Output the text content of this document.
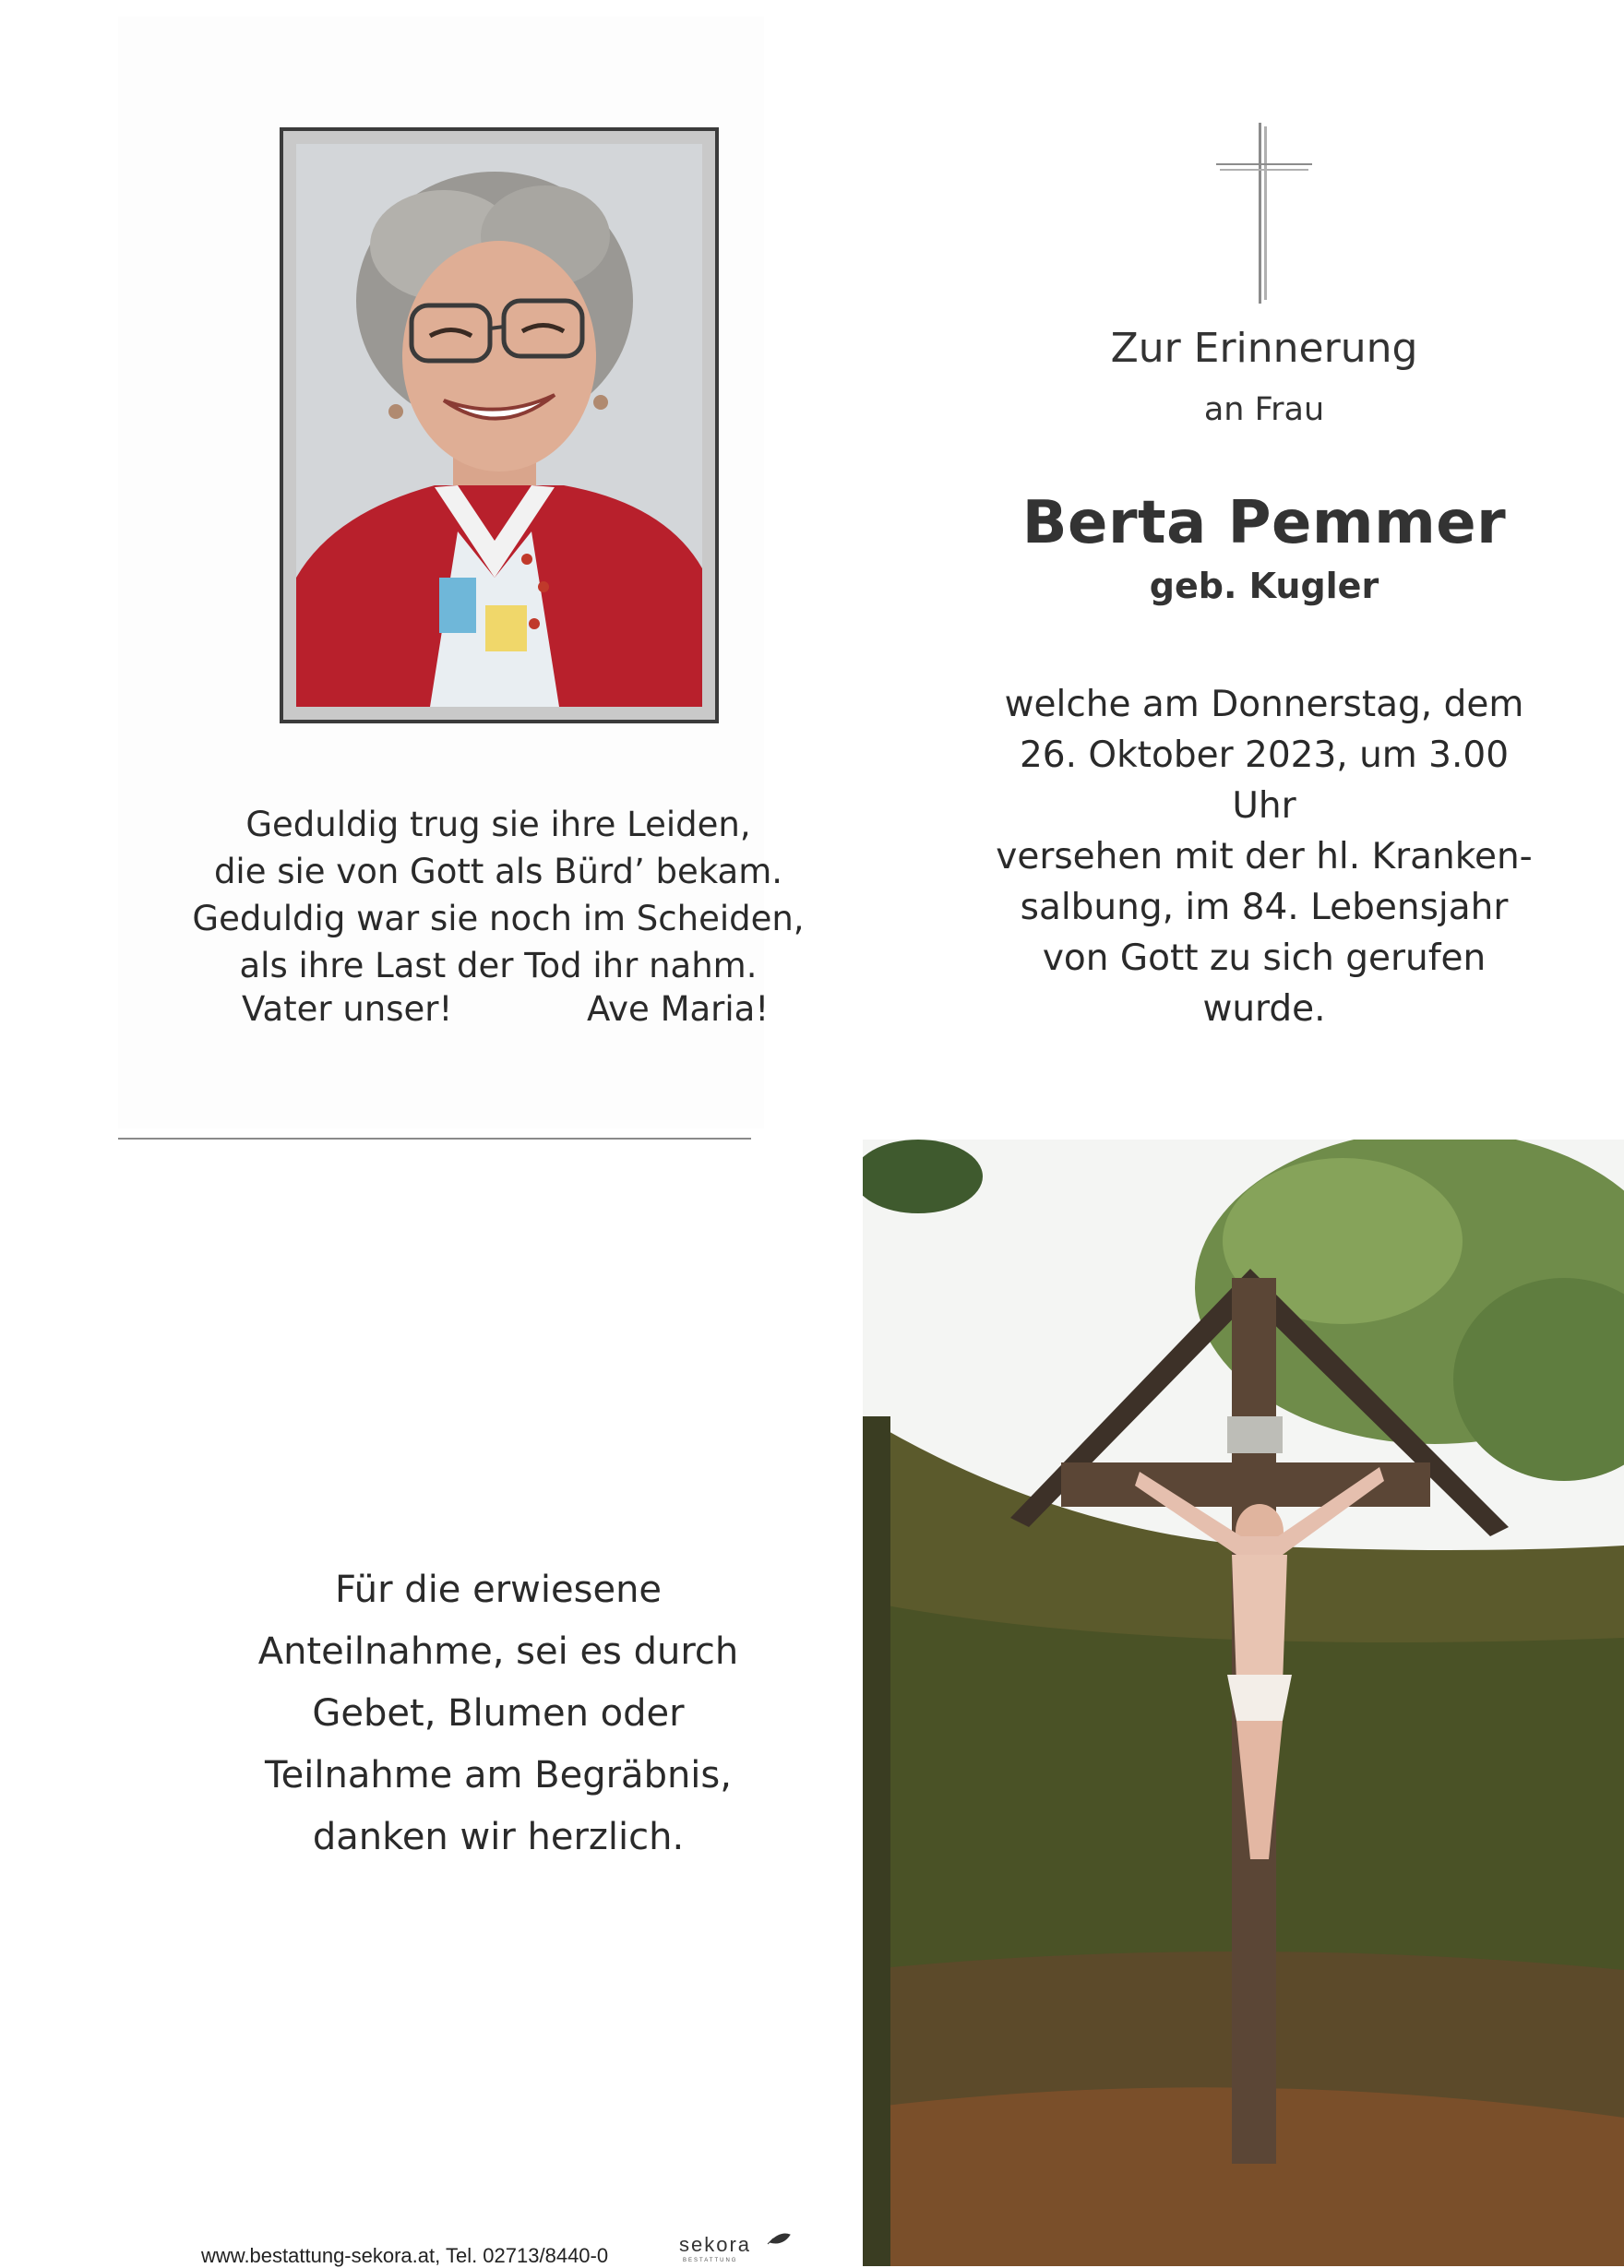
Geduldig trug sie ihre Leiden,
die sie von Gott als Bürd’ bekam.
Geduldig war sie noch im Scheiden,
als ihre Last der Tod ihr nahm.
Vater unser!	Ave Maria!
Zur Erinnerung
an Frau
Berta Pemmer
geb. Kugler
welche am Donnerstag, dem
26. Oktober 2023, um 3.00 Uhr
versehen mit der hl. Kranken-
salbung, im 84. Lebensjahr
von Gott zu sich gerufen
wurde.
Für die erwiesene
Anteilnahme, sei es durch
Gebet, Blumen oder
Teilnahme am Begräbnis,
danken wir herzlich.
www.bestattung-sekora.at, Tel. 02713/8440-0	sekora
BESTATTUNG
